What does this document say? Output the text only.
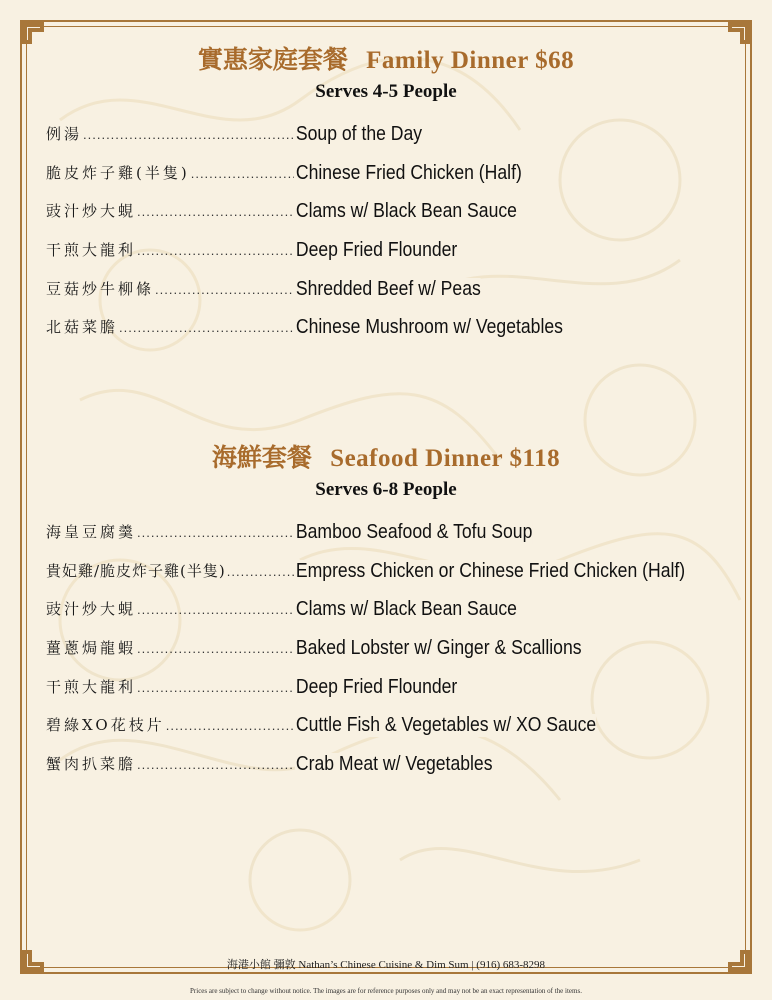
實惠家庭套餐 Family Dinner $68
Serves 4-5 People
例湯 .....	Soup of the Day
脆皮炸子雞(半隻) .....	Chinese Fried Chicken (Half)
豉汁炒大蜆 .....	Clams w/ Black Bean Sauce
干煎大龍利 .....	Deep Fried Flounder
豆菇炒牛柳條 .....	Shredded Beef w/ Peas
北菇菜膽 .....	Chinese Mushroom w/ Vegetables
海鮮套餐 Seafood Dinner $118
Serves 6-8 People
海皇豆腐羹 .....	Bamboo Seafood & Tofu Soup
貴妃雞/脆皮炸子雞(半隻) .....	Empress Chicken or Chinese Fried Chicken (Half)
豉汁炒大蜆 .....	Clams w/ Black Bean Sauce
薑蔥焗龍蝦 .....	Baked Lobster w/ Ginger & Scallions
干煎大龍利 .....	Deep Fried Flounder
碧綠XO花枝片 .....	Cuttle Fish & Vegetables w/ XO Sauce
蟹肉扒菜膽 .....	Crab Meat w/ Vegetables
海港小館 彌敦 Nathan’s Chinese Cuisine & Dim Sum | (916) 683-8298
Prices are subject to change without notice. The images are for reference purposes only and may not be an exact representation of the items.
